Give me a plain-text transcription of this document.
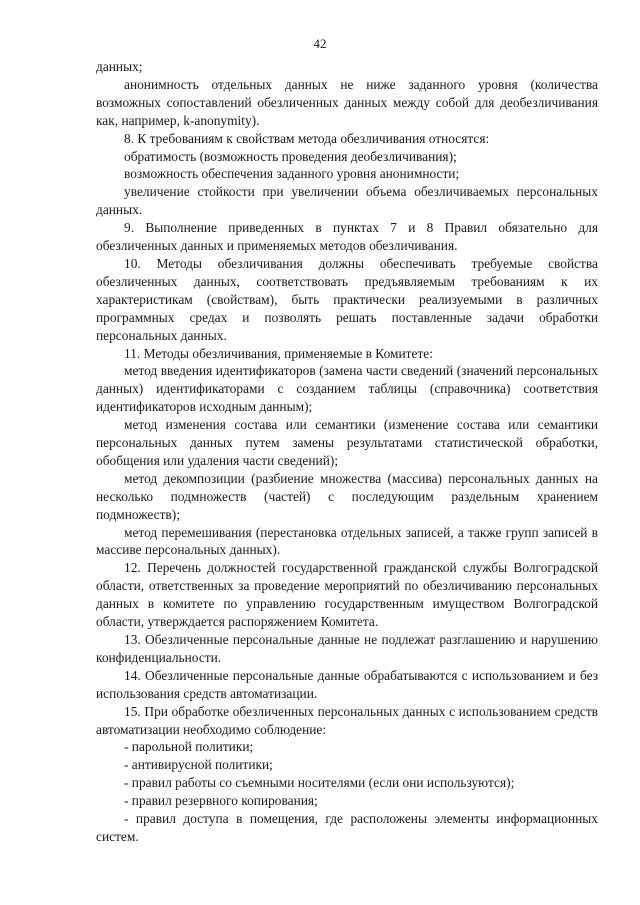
42

данных;

анонимность отдельных данных не ниже заданного уровня (количества возможных сопоставлений обезличенных данных между собой для деобезличивания как, например, k-anonymity).

8. К требованиям к свойствам метода обезличивания относятся:

обратимость (возможность проведения деобезличивания);

возможность обеспечения заданного уровня анонимности;

увеличение стойкости при увеличении объема обезличиваемых персональных данных.

9. Выполнение приведенных в пунктах 7 и 8 Правил обязательно для обезличенных данных и применяемых методов обезличивания.

10. Методы обезличивания должны обеспечивать требуемые свойства обезличенных данных, соответствовать предъявляемым требованиям к их характеристикам (свойствам), быть практически реализуемыми в различных программных средах и позволять решать поставленные задачи обработки персональных данных.

11. Методы обезличивания, применяемые в Комитете:

метод введения идентификаторов (замена части сведений (значений персональных данных) идентификаторами с созданием таблицы (справочника) соответствия идентификаторов исходным данным);

метод изменения состава или семантики (изменение состава или семантики персональных данных путем замены результатами статистической обработки, обобщения или удаления части сведений);

метод декомпозиции (разбиение множества (массива) персональных данных на несколько подмножеств (частей) с последующим раздельным хранением подмножеств);

метод перемешивания (перестановка отдельных записей, а также групп записей в массиве персональных данных).

12. Перечень должностей государственной гражданской службы Волгоградской области, ответственных за проведение мероприятий по обезличиванию персональных данных в комитете по управлению государственным имуществом Волгоградской области, утверждается распоряжением Комитета.

13. Обезличенные персональные данные не подлежат разглашению и нарушению конфиденциальности.

14. Обезличенные персональные данные обрабатываются с использованием и без использования средств автоматизации.

15. При обработке обезличенных персональных данных с использованием средств автоматизации необходимо соблюдение:

- парольной политики;

- антивирусной политики;

- правил работы со съемными носителями (если они используются);

- правил резервного копирования;

- правил доступа в помещения, где расположены элементы информационных систем.
